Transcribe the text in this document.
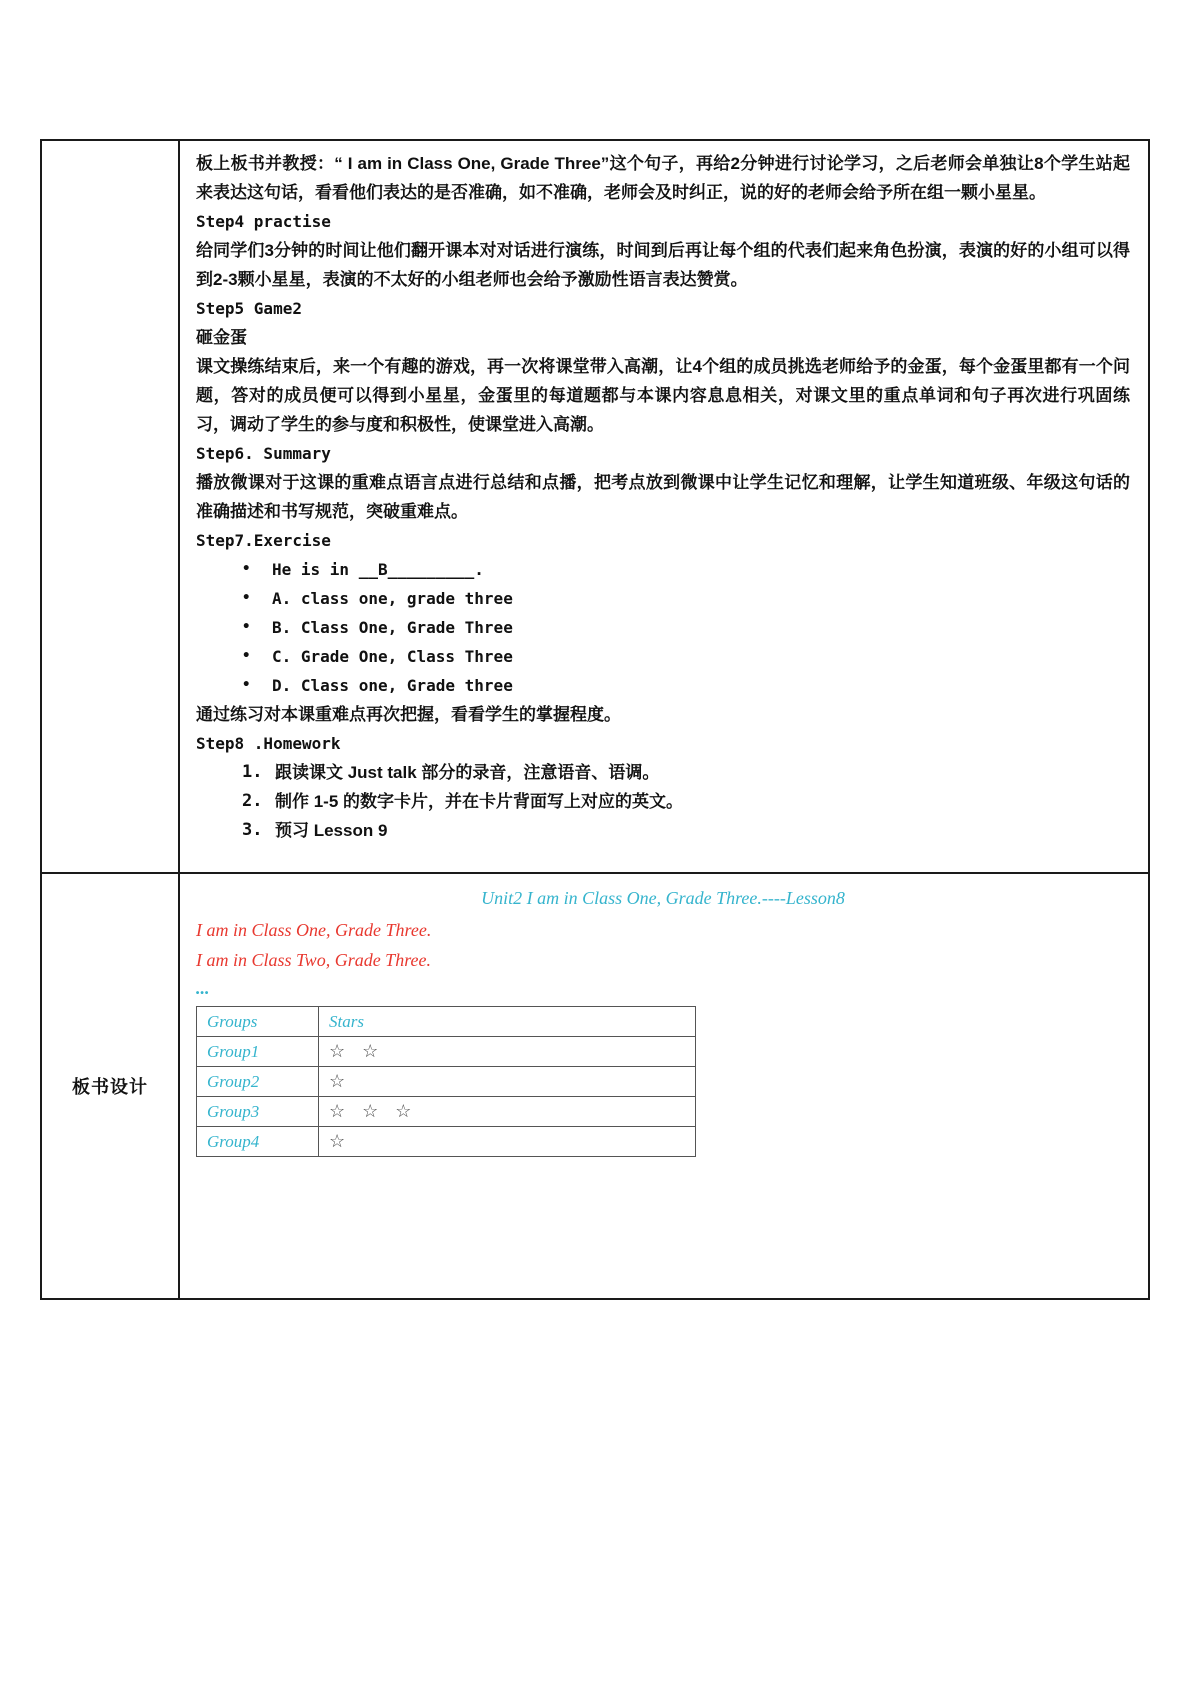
板上板书并教授：“ I am in Class One, Grade Three”这个句子，再给2分钟进行讨论学习，之后老师会单独让8个学生站起来表达这句话，看看他们表达的是否准确，如不准确，老师会及时纠正，说的好的老师会给予所在组一颗小星星。

Step4 practise

给同学们3分钟的时间让他们翻开课本对对话进行演练，时间到后再让每个组的代表们起来角色扮演，表演的好的小组可以得到2-3颗小星星，表演的不太好的小组老师也会给予激励性语言表达赞赏。

Step5 Game2

砸金蛋

课文操练结束后，来一个有趣的游戏，再一次将课堂带入高潮，让4个组的成员挑选老师给予的金蛋，每个金蛋里都有一个问题，答对的成员便可以得到小星星，金蛋里的每道题都与本课内容息息相关，对课文里的重点单词和句子再次进行巩固练习，调动了学生的参与度和积极性，使课堂进入高潮。

Step6. Summary

播放微课对于这课的重难点语言点进行总结和点播，把考点放到微课中让学生记忆和理解，让学生知道班级、年级这句话的准确描述和书写规范，突破重难点。

Step7.Exercise

• He is in __B_________.
• A. class one, grade three
• B. Class One, Grade Three
• C. Grade One, Class Three
• D. Class one, Grade three

通过练习对本课重难点再次把握，看看学生的掌握程度。

Step8 .Homework

跟读课文 Just talk 部分的录音，注意语音、语调。
制作 1-5 的数字卡片，并在卡片背面写上对应的英文。
预习 Lesson 9

板书设计	

Unit2 I am in Class One, Grade Three.----Lesson8

I am in Class One, Grade Three.

I am in Class Two, Grade Three.

...

Groups	Stars
Group1	☆ ☆
Group2	☆
Group3	☆ ☆ ☆
Group4	☆
